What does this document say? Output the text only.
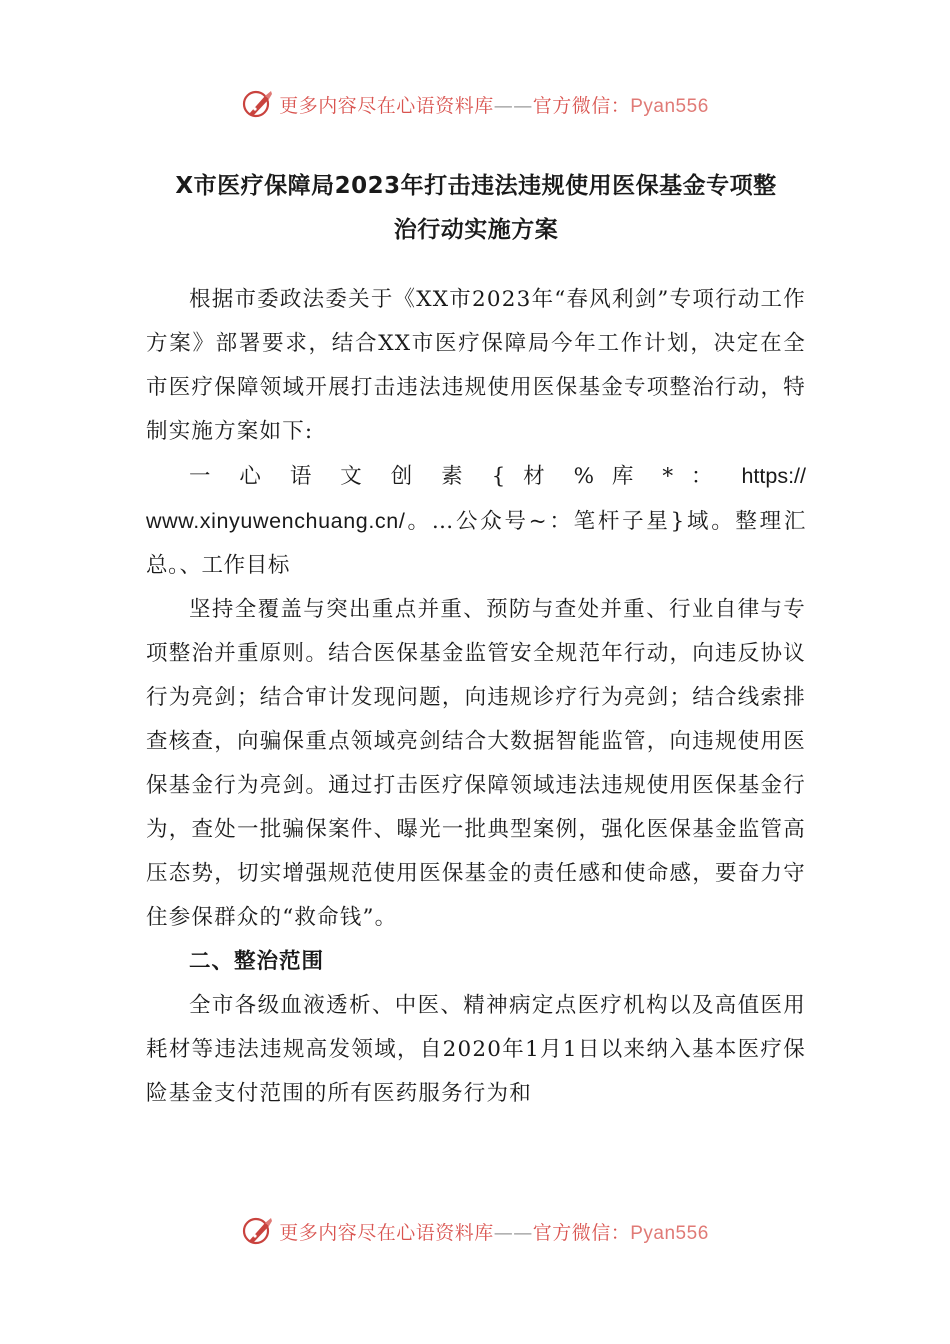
更多内容尽在心语资料库——官方微信：Pyan556
X市医疗保障局2023年打击违法违规使用医保基金专项整
治行动实施方案

根据市委政法委关于《XX市2023年“春风利剑”专项行动工作方案》部署要求，结合XX市医疗保障局今年工作计划，决定在全市医疗保障领域开展打击违法违规使用医保基金专项整治行动，特制实施方案如下:

一 心 语 文 创 素 { 材 % 库 * ： https://

www.xinyuwenchuang.cn/。…公众号~：笔杆子星}域。整理汇总。、工作目标

坚持全覆盖与突出重点并重、预防与查处并重、行业自律与专项整治并重原则。结合医保基金监管安全规范年行动，向违反协议行为亮剑；结合审计发现问题，向违规诊疗行为亮剑；结合线索排查核查，向骗保重点领域亮剑结合大数据智能监管，向违规使用医保基金行为亮剑。通过打击医疗保障领域违法违规使用医保基金行为，查处一批骗保案件、曝光一批典型案例，强化医保基金监管高压态势，切实增强规范使用医保基金的责任感和使命感，要奋力守住参保群众的“救命钱”。

二、整治范围

全市各级血液透析、中医、精神病定点医疗机构以及高值医用耗材等违法违规高发领域，自2020年1月1日以来纳入基本医疗保险基金支付范围的所有医药服务行为和

更多内容尽在心语资料库——官方微信：Pyan556
